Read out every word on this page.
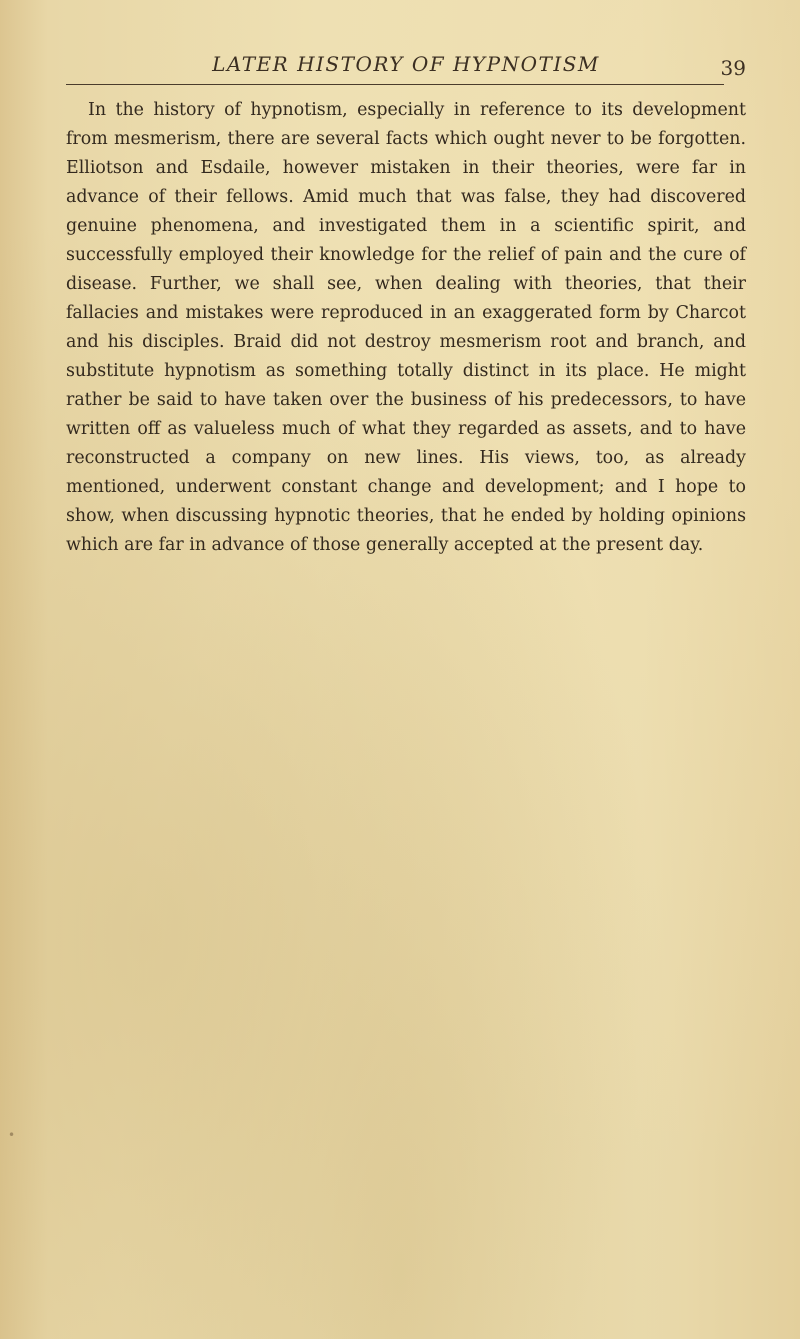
LATER HISTORY OF HYPNOTISM	39

In the history of hypnotism, especially in reference to its development from mesmerism, there are several facts which ought never to be forgotten. Elliotson and Esdaile, however mistaken in their theories, were far in advance of their fellows. Amid much that was false, they had discovered genuine phenomena, and investigated them in a scientific spirit, and successfully employed their knowledge for the relief of pain and the cure of disease. Further, we shall see, when dealing with theories, that their fallacies and mistakes were reproduced in an exaggerated form by Charcot and his disciples. Braid did not destroy mesmerism root and branch, and substitute hypnotism as something totally distinct in its place. He might rather be said to have taken over the business of his predecessors, to have written off as valueless much of what they regarded as assets, and to have reconstructed a company on new lines. His views, too, as already mentioned, underwent constant change and development; and I hope to show, when discussing hypnotic theories, that he ended by holding opinions which are far in advance of those generally accepted at the present day.

•
